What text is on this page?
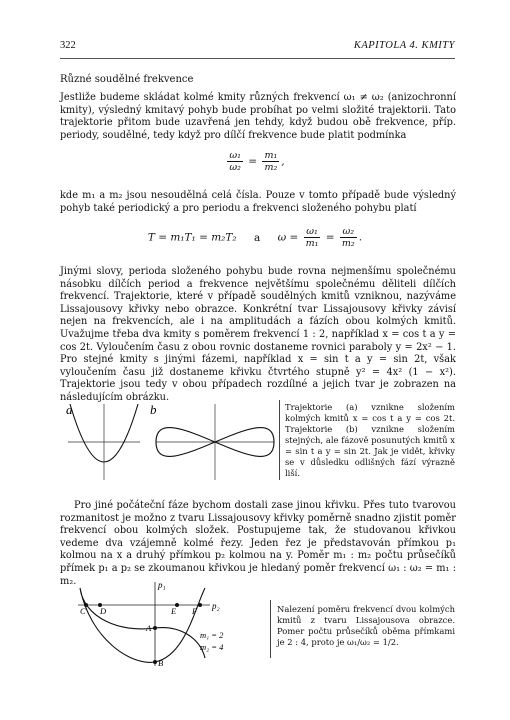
322	KAPITOLA 4. KMITY
Různé soudělné frekvence
Jestliže budeme skládat kolmé kmity různých frekvencí ω₁ ≠ ω₂ (anizochronní kmity), výsledný kmitavý pohyb bude probíhat po velmi složité trajektorii. Tato trajektorie přitom bude uzavřená jen tehdy, když budou obě frekvence, příp. periody, soudělné, tedy když pro dílčí frekvence bude platit podmínka
$\frac{\text{ω₁}}{\text{ω₂}} = \frac{\text{m₁}}{\text{m₂}}$ ,
kde m₁ a m₂ jsou nesoudělná celá čísla. Pouze v tomto případě bude výsledný pohyb také periodický a pro periodu a frekvenci složeného pohybu platí
T = m₁T₁ = m₂T₂ a $\omega = \frac{\text{ω₁}}{\text{m₁}} = \frac{\text{ω₂}}{\text{m₂}}$ .
Jinými slovy, perioda složeného pohybu bude rovna nejmenšímu společnému násobku dílčích period a frekvence největšímu společnému děliteli dílčích frekvencí. Trajektorie, které v případě soudělných kmitů vzniknou, nazýváme Lissajousovy křivky nebo obrazce. Konkrétní tvar Lissajousovy křivky závisí nejen na frekvencích, ale i na amplitudách a fázích obou kolmých kmitů. Uvažujme třeba dva kmity s poměrem frekvencí 1 : 2, například x = cos t a y = cos 2t. Vyloučením času z obou rovnic dostaneme rovnici paraboly y = 2x² − 1. Pro stejné kmity s jinými fázemi, například x = sin t a y = sin 2t, však vyloučením času již dostaneme křivku čtvrtého stupně y² = 4x² (1 − x²). Trajektorie jsou tedy v obou případech rozdílné a jejich tvar je zobrazen na následujícím obrázku.
a	b	Trajektorie (a) vznikne složením kolmých kmitů x = cos t a y = cos 2t. Trajektorie (b) vznikne složením stejných, ale fázově posunutých kmitů x = sin t a y = sin 2t. Jak je vidět, křivky se v důsledku odlišných fází výrazně liší.
Pro jiné počáteční fáze bychom dostali zase jinou křivku. Přes tuto tvarovou rozmanitost je možno z tvaru Lissajousovy křivky poměrně snadno zjistit poměr frekvencí obou kolmých složek. Postupujeme tak, že studovanou křivkou vedeme dva vzájemně kolmé řezy. Jeden řez je představován přímkou p₁ kolmou na x a druhý přímkou p₂ kolmou na y. Poměr m₁ : m₂ počtu průsečíků přímek p₁ a p₂ se zkoumanou křivkou je hledaný poměr frekvencí ω₁ : ω₂ = m₁ : m₂.	p₁
p₂
C D	E F
A
B
m₁ = 2
m₂ = 4
Nalezení poměru frekvencí dvou kolmých kmitů z tvaru Lissajousova obrazce. Pomer počtu průsečíků oběma přímkami je 2 : 4, proto je ω₁/ω₂ = 1/2.
